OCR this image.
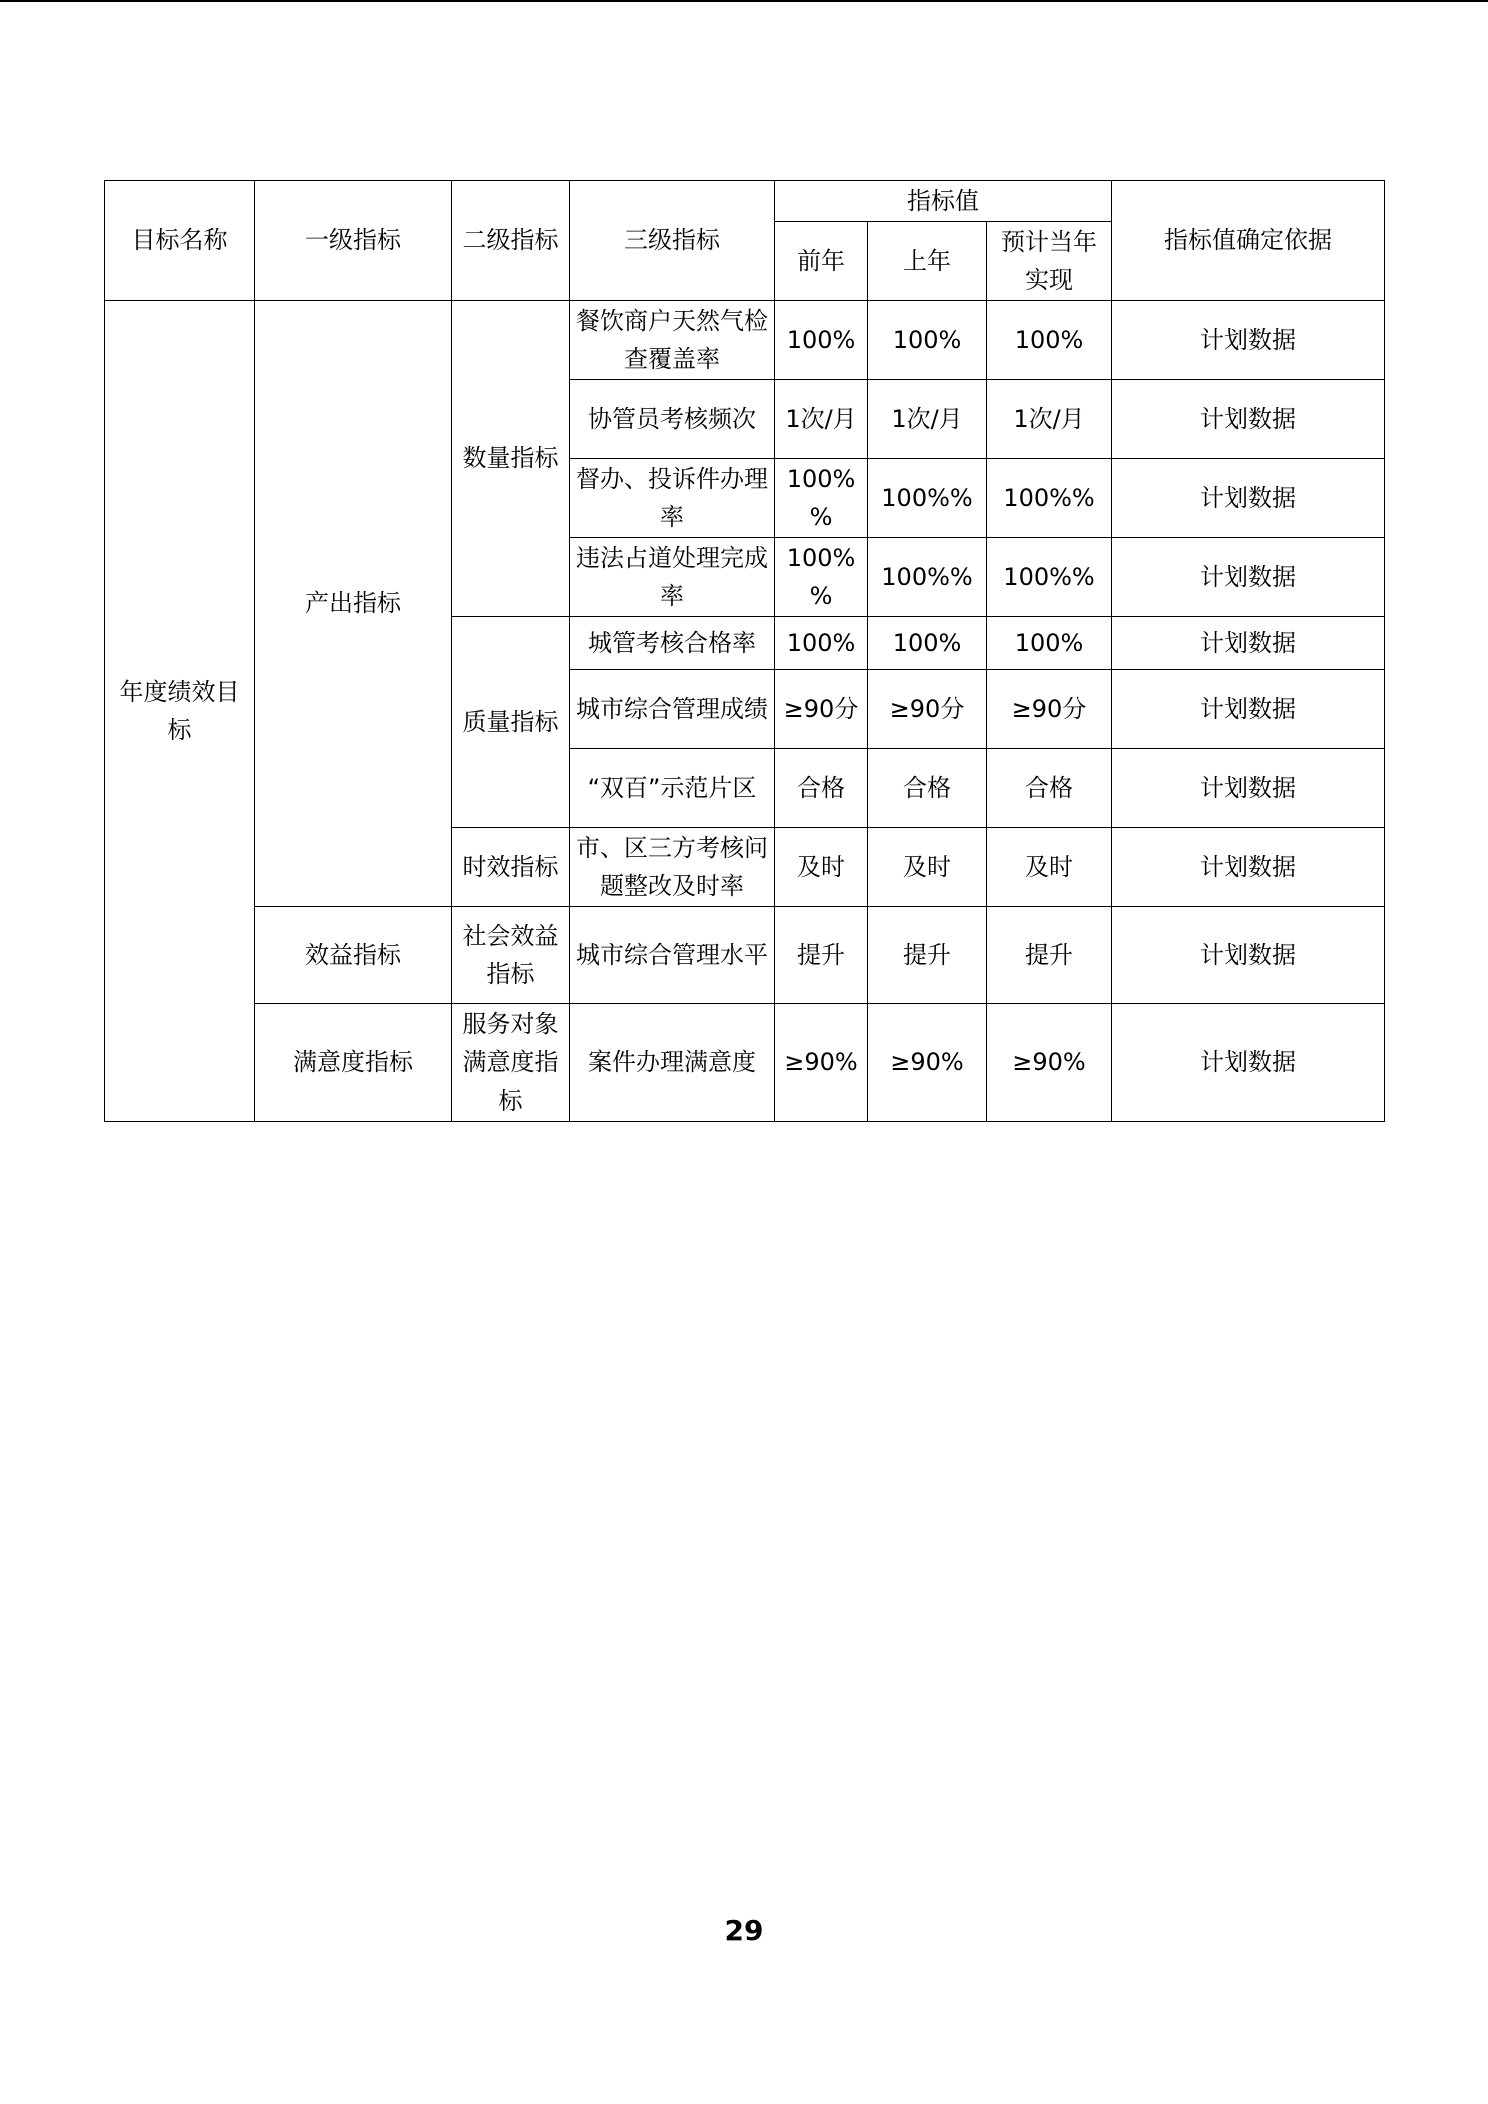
目标名称	一级指标	二级指标	三级指标	指标值			指标值确定依据
				前年	上年	预计当年实现	
年度绩效目标	产出指标	数量指标	餐饮商户天然气检查覆盖率	100%	100%	100%	计划数据
			协管员考核频次	1次/月	1次/月	1次/月	计划数据
			督办、投诉件办理率	100%%	100%%	100%%	计划数据
			违法占道处理完成率	100%%	100%%	100%%	计划数据
		质量指标	城管考核合格率	100%	100%	100%	计划数据
			城市综合管理成绩	≥90分	≥90分	≥90分	计划数据
			“双百”示范片区	合格	合格	合格	计划数据
		时效指标	市、区三方考核问题整改及时率	及时	及时	及时	计划数据
	效益指标	社会效益指标	城市综合管理水平	提升	提升	提升	计划数据
	满意度指标	服务对象满意度指标	案件办理满意度	≥90%	≥90%	≥90%	计划数据
29
